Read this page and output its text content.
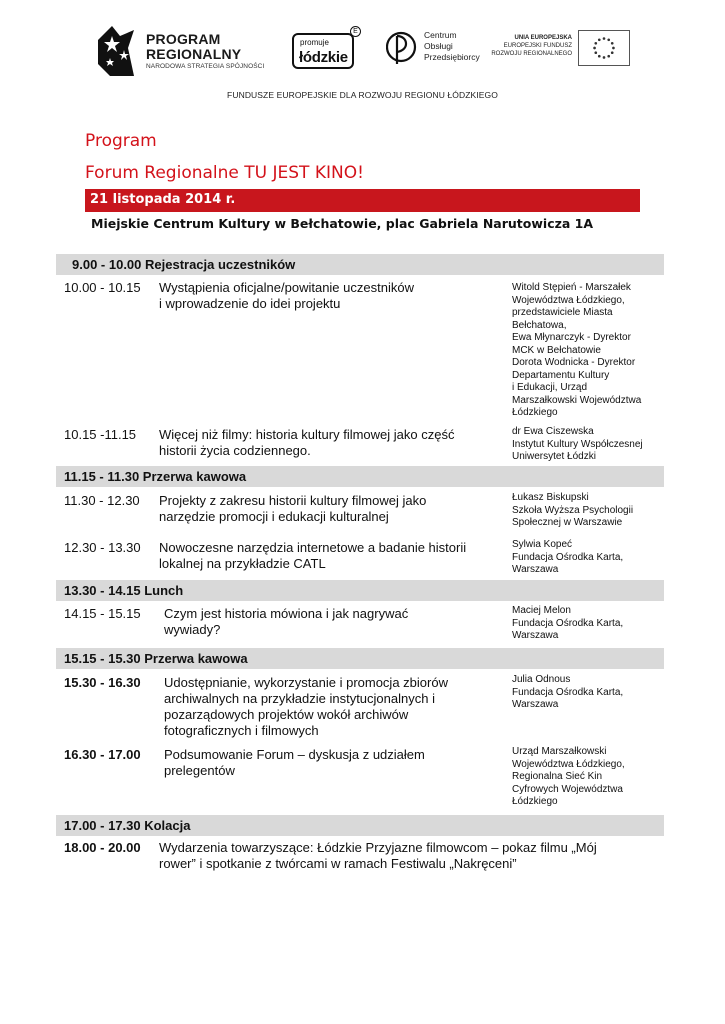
PROGRAM
REGIONALNY
NARODOWA STRATEGIA SPÓJNOŚCI
promuje
łódzkie
E	Centrum
Obsługi
Przedsiębiorcy
UNIA EUROPEJSKA
EUROPEJSKI FUNDUSZ
ROZWOJU REGIONALNEGO
FUNDUSZE EUROPEJSKIE DLA ROZWOJU REGIONU ŁÓDZKIEGO
Program
Forum Regionalne TU JEST KINO!
21 listopada 2014 r.
Miejskie Centrum Kultury w Bełchatowie, plac Gabriela Narutowicza 1A
9.00 - 10.00 Rejestracja uczestników
10.00 - 10.15 Wystąpienia oficjalne/powitanie uczestników
i wprowadzenie do idei projektu
Witold Stępień - Marszałek
Województwa Łódzkiego,
przedstawiciele Miasta
Bełchatowa,
Ewa Młynarczyk - Dyrektor
MCK w Bełchatowie
Dorota Wodnicka - Dyrektor
Departamentu Kultury
i Edukacji, Urząd
Marszałkowski Województwa
Łódzkiego
10.15 -11.15 Więcej niż filmy: historia kultury filmowej jako część
historii życia codziennego.
dr Ewa Ciszewska
Instytut Kultury Współczesnej
Uniwersytet Łódzki
11.15 - 11.30 Przerwa kawowa
11.30 - 12.30 Projekty z zakresu historii kultury filmowej jako
narzędzie promocji i edukacji kulturalnej
Łukasz Biskupski
Szkoła Wyższa Psychologii
Społecznej w Warszawie
12.30 - 13.30 Nowoczesne narzędzia internetowe a badanie historii
lokalnej na przykładzie CATL
Sylwia Kopeć
Fundacja Ośrodka Karta,
Warszawa
13.30 - 14.15 Lunch
14.15 - 15.15 Czym jest historia mówiona i jak nagrywać
wywiady?
Maciej Melon
Fundacja Ośrodka Karta,
Warszawa
15.15 - 15.30 Przerwa kawowa
15.30 - 16.30 Udostępnianie, wykorzystanie i promocja zbiorów
archiwalnych na przykładzie instytucjonalnych i
pozarządowych projektów wokół archiwów
fotograficznych i filmowych
Julia Odnous
Fundacja Ośrodka Karta,
Warszawa
16.30 - 17.00 Podsumowanie Forum – dyskusja z udziałem
prelegentów
Urząd Marszałkowski
Województwa Łódzkiego,
Regionalna Sieć Kin
Cyfrowych Województwa
Łódzkiego
17.00 - 17.30 Kolacja
18.00 - 20.00 Wydarzenia towarzyszące: Łódzkie Przyjazne filmowcom – pokaz filmu „Mój
rower” i spotkanie z twórcami w ramach Festiwalu „Nakręceni”
